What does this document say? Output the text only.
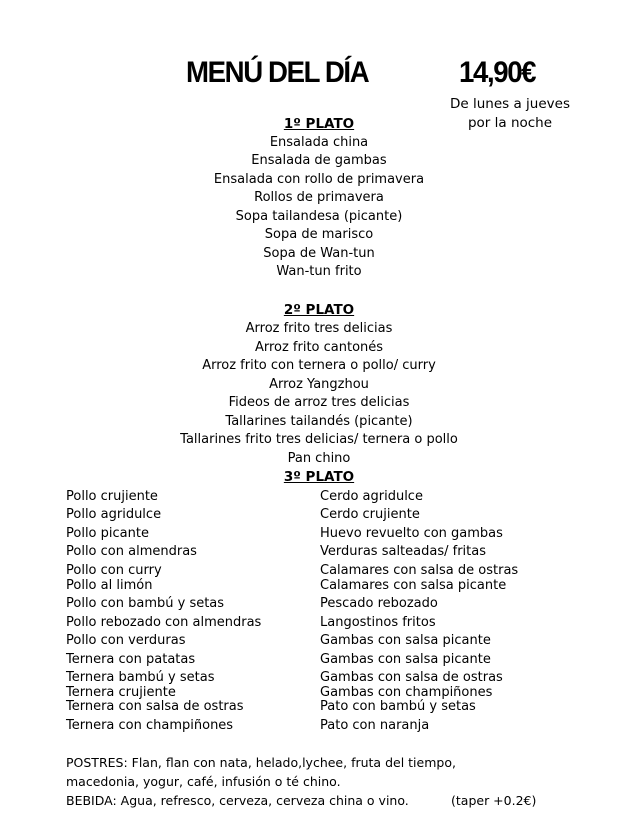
MENÚ DEL DÍA	14,90€
De lunes a jueves
por la noche
1º PLATO
Ensalada china
Ensalada de gambas
Ensalada con rollo de primavera
Rollos de primavera
Sopa tailandesa (picante)
Sopa de marisco
Sopa de Wan-tun
Wan-tun frito
2º PLATO
Arroz frito tres delicias
Arroz frito cantonés
Arroz frito con ternera o pollo/ curry
Arroz Yangzhou
Fideos de arroz tres delicias
Tallarines tailandés (picante)
Tallarines frito tres delicias/ ternera o pollo
Pan chino
3º PLATO
Pollo crujiente
Pollo agridulce
Pollo picante
Pollo con almendras
Pollo con curry
Pollo al limón
Pollo con bambú y setas
Pollo rebozado con almendras
Pollo con verduras
Ternera con patatas
Ternera bambú y setas
Ternera crujiente
Ternera con salsa de ostras
Ternera con champiñones
Cerdo agridulce
Cerdo crujiente
Huevo revuelto con gambas
Verduras salteadas/ fritas
Calamares con salsa de ostras
Calamares con salsa picante
Pescado rebozado
Langostinos fritos
Gambas con salsa picante
Gambas con salsa picante
Gambas con salsa de ostras
Gambas con champiñones
Pato con bambú y setas
Pato con naranja
POSTRES: Flan, flan con nata, helado,lychee, fruta del tiempo,
macedonia, yogur, café, infusión o té chino.
BEBIDA: Agua, refresco, cerveza, cerveza china o vino.	(taper +0.2€)
